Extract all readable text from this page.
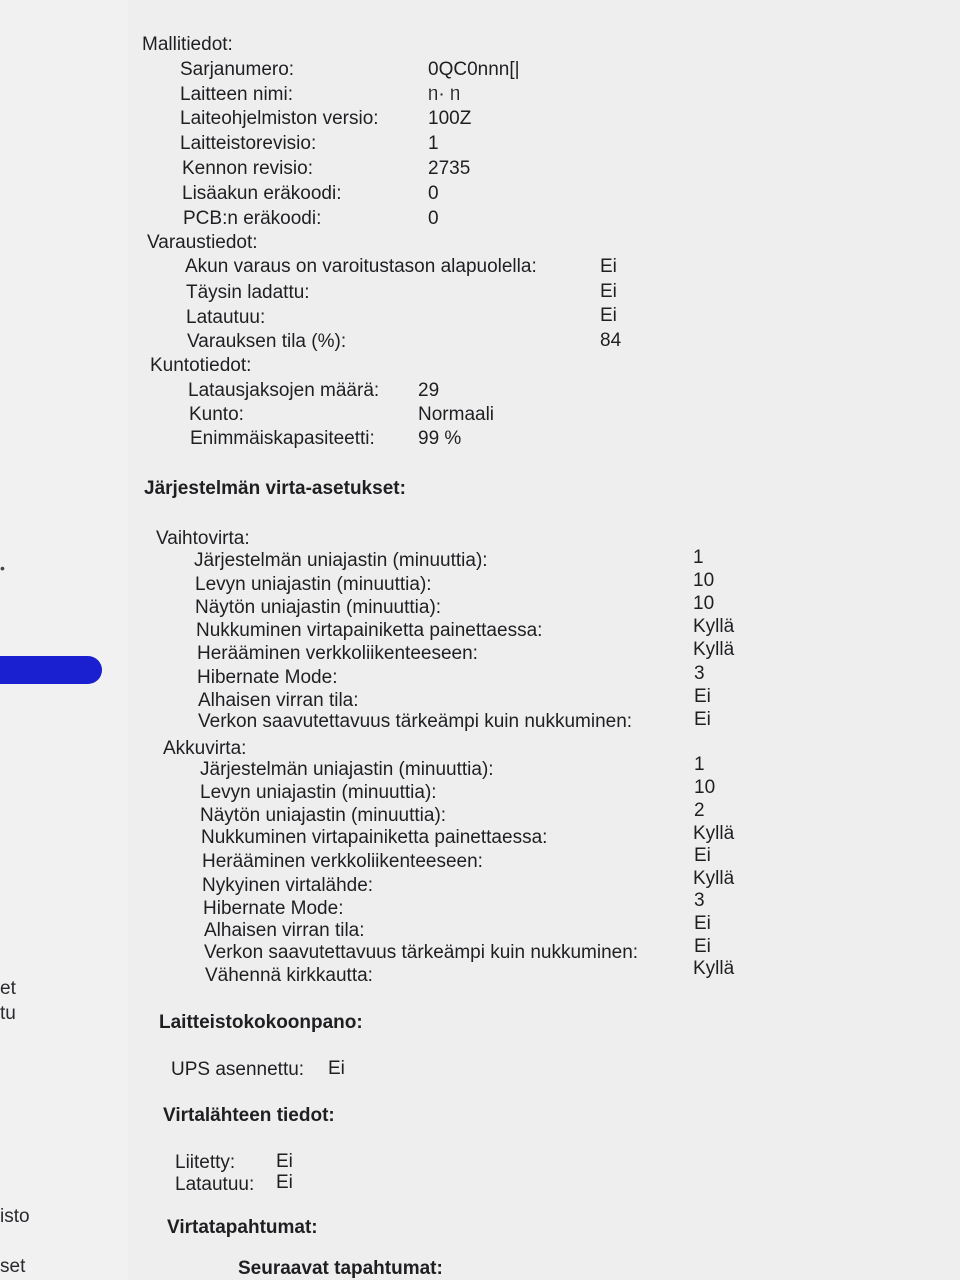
•
et
tu
isto
set
Mallitiedot:
Sarjanumero:	0QC0nnn[|
Laitteen nimi:	ᥒ· ᥒ
Laiteohjelmiston versio:	100Z
Laitteistorevisio:	1
Kennon revisio:	2735
Lisäakun eräkoodi:	0
PCB:n eräkoodi:	0
Varaustiedot:
Akun varaus on varoitustason alapuolella:	Ei
Täysin ladattu:	Ei
Latautuu:	Ei
Varauksen tila (%):	84
Kuntotiedot:
Latausjaksojen määrä: 29
Kunto:	Normaali
Enimmäiskapasiteetti: 99 %
Järjestelmän virta-asetukset:
Vaihtovirta:
Järjestelmän uniajastin (minuuttia):	1
Levyn uniajastin (minuuttia):	10
Näytön uniajastin (minuuttia):	10
Nukkuminen virtapainiketta painettaessa:	Kyllä
Herääminen verkkoliikenteeseen:	Kyllä
Hibernate Mode:	3
Alhaisen virran tila:	Ei
Verkon saavutettavuus tärkeämpi kuin nukkuminen:	Ei
Akkuvirta:
Järjestelmän uniajastin (minuuttia):	1
Levyn uniajastin (minuuttia):	10
Näytön uniajastin (minuuttia):	2
Nukkuminen virtapainiketta painettaessa:	Kyllä
Herääminen verkkoliikenteeseen:	Ei
Nykyinen virtalähde:	Kyllä
Hibernate Mode:	3
Alhaisen virran tila:	Ei
Verkon saavutettavuus tärkeämpi kuin nukkuminen:	Ei
Vähennä kirkkautta:	Kyllä
Laitteistokokoonpano:
UPS asennettu: Ei
Virtalähteen tiedot:
Liitetty: Ei
Latautuu: Ei
Virtatapahtumat:
Seuraavat tapahtumat:
